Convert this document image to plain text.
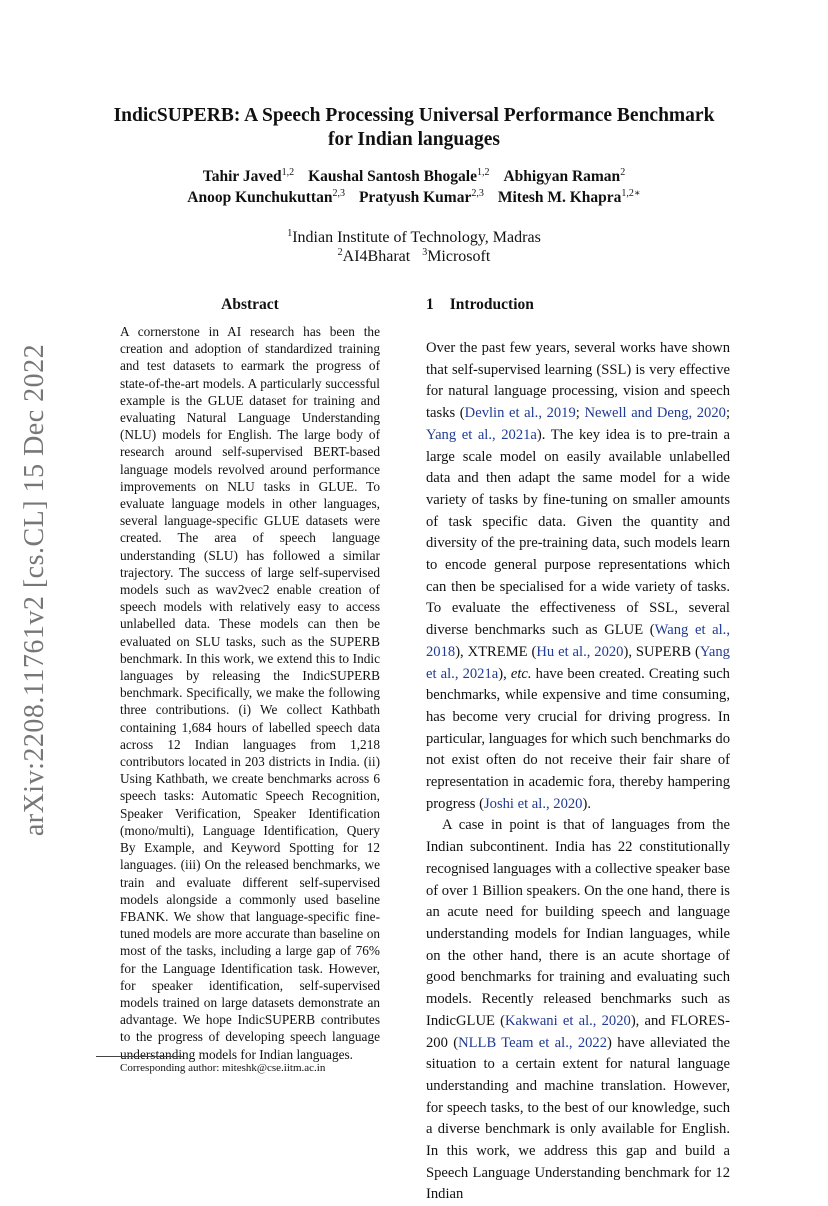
arXiv:2208.11761v2 [cs.CL] 15 Dec 2022
IndicSUPERB: A Speech Processing Universal Performance Benchmark
for Indian languages
Tahir Javed$^{1,2}$ Kaushal Santosh Bhogale$^{1,2}$ Abhigyan Raman$^2$
Anoop Kunchukuttan$^{2,3}$ Pratyush Kumar$^{2,3}$ Mitesh M. Khapra$^{1,2∗}$
$^1$Indian Institute of Technology, Madras
$^2$AI4Bharat $^3$Microsoft
Abstract

A cornerstone in AI research has been the creation and adoption of standardized training and test datasets to earmark the progress of state-of-the-art models. A particularly successful example is the GLUE dataset for training and evaluating Natural Language Understanding (NLU) models for English. The large body of research around self-supervised BERT-based language models revolved around performance improvements on NLU tasks in GLUE. To evaluate language models in other languages, several language-specific GLUE datasets were created. The area of speech language understanding (SLU) has followed a similar trajectory. The success of large self-supervised models such as wav2vec2 enable creation of speech models with relatively easy to access unlabelled data. These models can then be evaluated on SLU tasks, such as the SUPERB benchmark. In this work, we extend this to Indic languages by releasing the IndicSUPERB benchmark. Specifically, we make the following three contributions. (i) We collect Kathbath containing 1,684 hours of labelled speech data across 12 Indian languages from 1,218 contributors located in 203 districts in India. (ii) Using Kathbath, we create benchmarks across 6 speech tasks: Automatic Speech Recognition, Speaker Verification, Speaker Identification (mono/multi), Language Identification, Query By Example, and Keyword Spotting for 12 languages. (iii) On the released benchmarks, we train and evaluate different self-supervised models alongside a commonly used baseline FBANK. We show that language-specific fine-tuned models are more accurate than baseline on most of the tasks, including a large gap of 76% for the Language Identification task. However, for speaker identification, self-supervised models trained on large datasets demonstrate an advantage. We hope IndicSUPERB contributes to the progress of developing speech language understanding models for Indian languages.

1 Introduction

Over the past few years, several works have shown that self-supervised learning (SSL) is very effective for natural language processing, vision and speech tasks (Devlin et al., 2019; Newell and Deng, 2020; Yang et al., 2021a). The key idea is to pre-train a large scale model on easily available unlabelled data and then adapt the same model for a wide variety of tasks by fine-tuning on smaller amounts of task specific data. Given the quantity and diversity of the pre-training data, such models learn to encode general purpose representations which can then be specialised for a wide variety of tasks. To evaluate the effectiveness of SSL, several diverse benchmarks such as GLUE (Wang et al., 2018), XTREME (Hu et al., 2020), SUPERB (Yang et al., 2021a), etc. have been created. Creating such benchmarks, while expensive and time consuming, has become very crucial for driving progress. In particular, languages for which such benchmarks do not exist often do not receive their fair share of representation in academic fora, thereby hampering progress (Joshi et al., 2020).

A case in point is that of languages from the Indian subcontinent. India has 22 constitutionally recognised languages with a collective speaker base of over 1 Billion speakers. On the one hand, there is an acute need for building speech and language understanding models for Indian languages, while on the other hand, there is an acute shortage of good benchmarks for training and evaluating such models. Recently released benchmarks such as IndicGLUE (Kakwani et al., 2020), and FLORES-200 (NLLB Team et al., 2022) have alleviated the situation to a certain extent for natural language understanding and machine translation. However, for speech tasks, to the best of our knowledge, such a diverse benchmark is only available for English. In this work, we address this gap and build a Speech Language Understanding benchmark for 12 Indian

Corresponding author: miteshk@cse.iitm.ac.in
